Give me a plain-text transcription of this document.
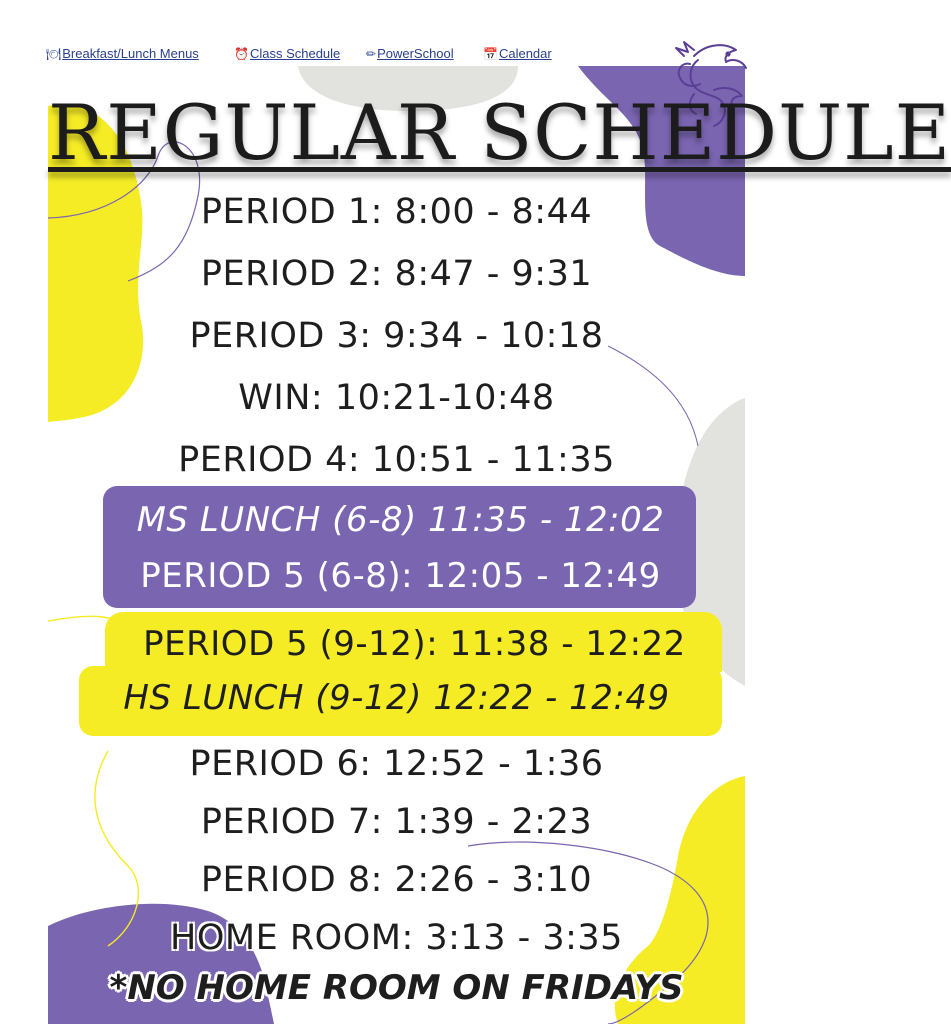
🍽Breakfast/Lunch Menus	⏰Class Schedule ✏PowerSchool 📅Calendar
REGULAR SCHEDULE
PERIOD 1: 8:00 - 8:44
PERIOD 2: 8:47 - 9:31
PERIOD 3: 9:34 - 10:18
WIN: 10:21-10:48
PERIOD 4: 10:51 - 11:35
MS LUNCH (6-8) 11:35 - 12:02
PERIOD 5 (6-8): 12:05 - 12:49
PERIOD 5 (9-12): 11:38 - 12:22
HS LUNCH (9-12) 12:22 - 12:49
PERIOD 6: 12:52 - 1:36
PERIOD 7: 1:39 - 2:23
PERIOD 8: 2:26 - 3:10
HOME ROOM: 3:13 - 3:35
*NO HOME ROOM ON FRIDAYS
